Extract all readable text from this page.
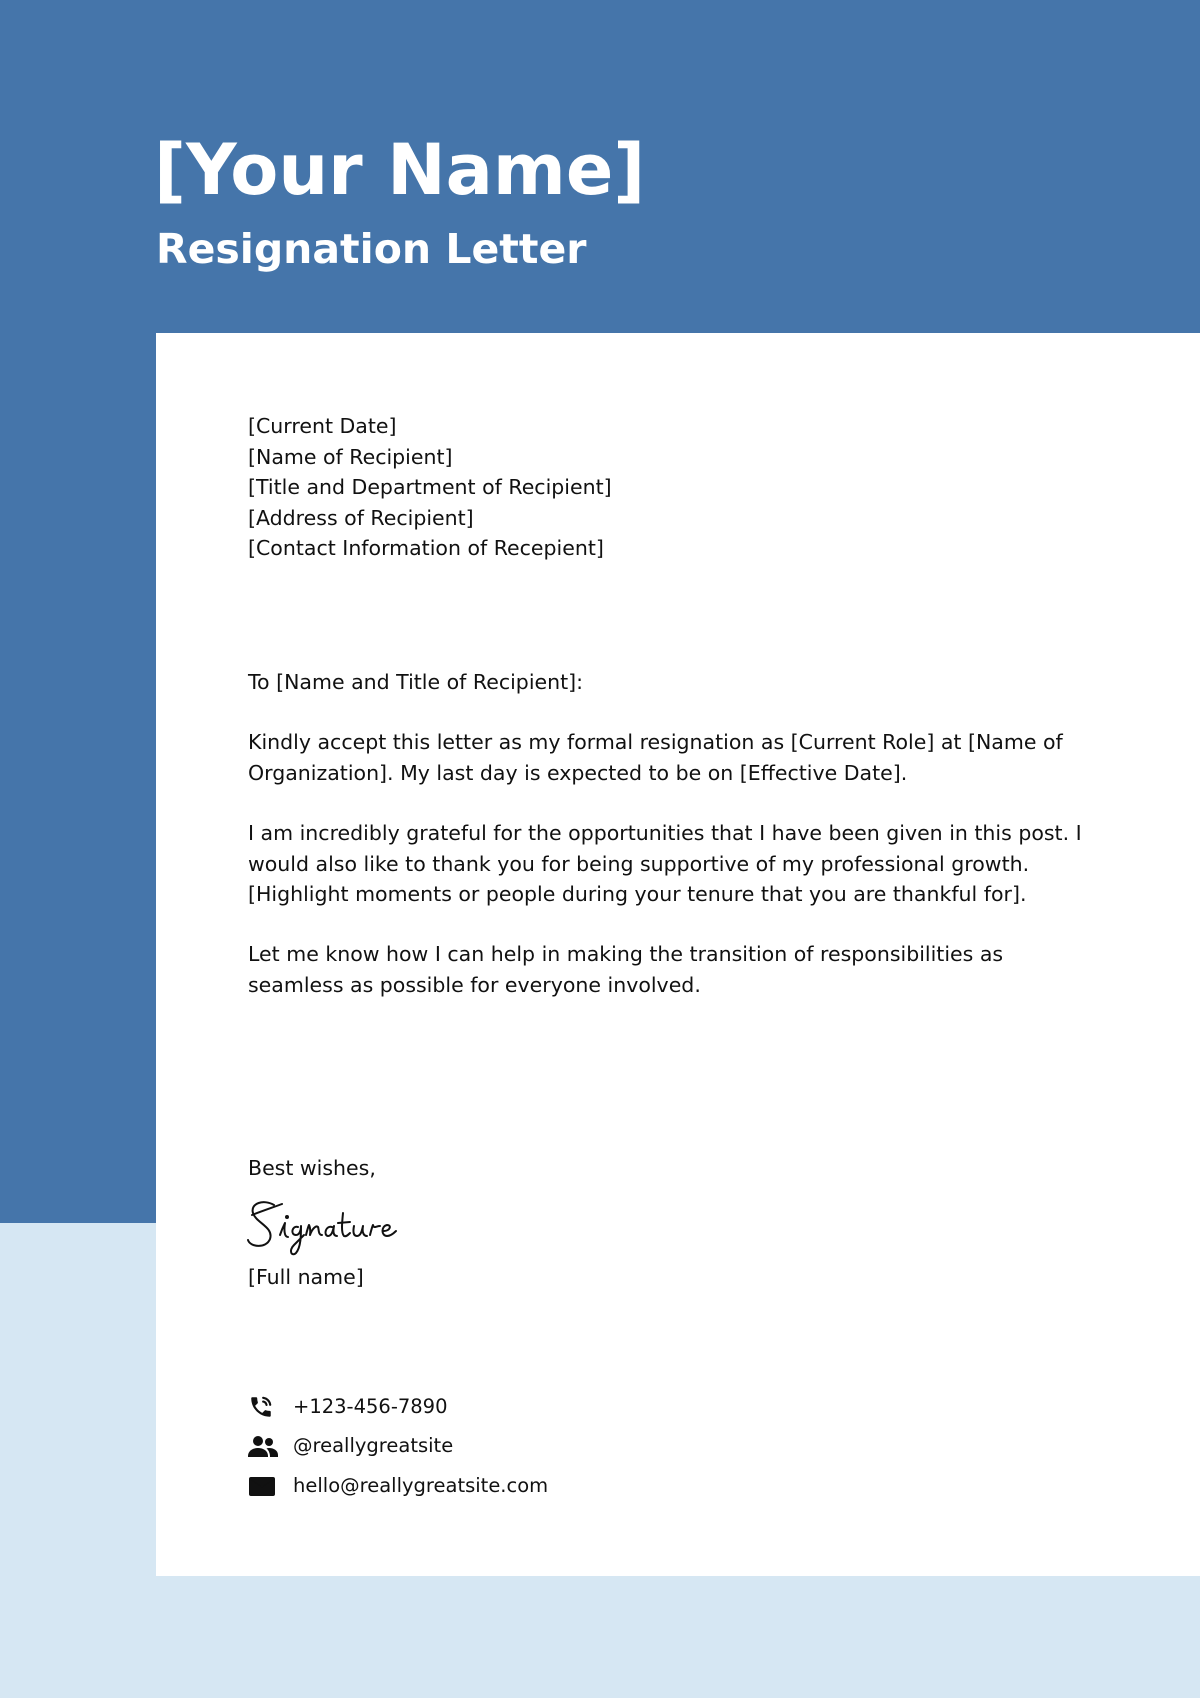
[Your Name]
Resignation Letter
[Current Date]
[Name of Recipient]
[Title and Department of Recipient]
[Address of Recipient]
[Contact Information of Recepient]

To [Name and Title of Recipient]:

Kindly accept this letter as my formal resignation as [Current Role] at [Name of
Organization]. My last day is expected to be on [Effective Date].
I am incredibly grateful for the opportunities that I have been given in this post. I
would also like to thank you for being supportive of my professional growth.
[Highlight moments or people during your tenure that you are thankful for].
Let me know how I can help in making the transition of responsibilities as
seamless as possible for everyone involved.

Best wishes,

[Full name]

+123-456-7890
@reallygreatsite
hello@reallygreatsite.com
